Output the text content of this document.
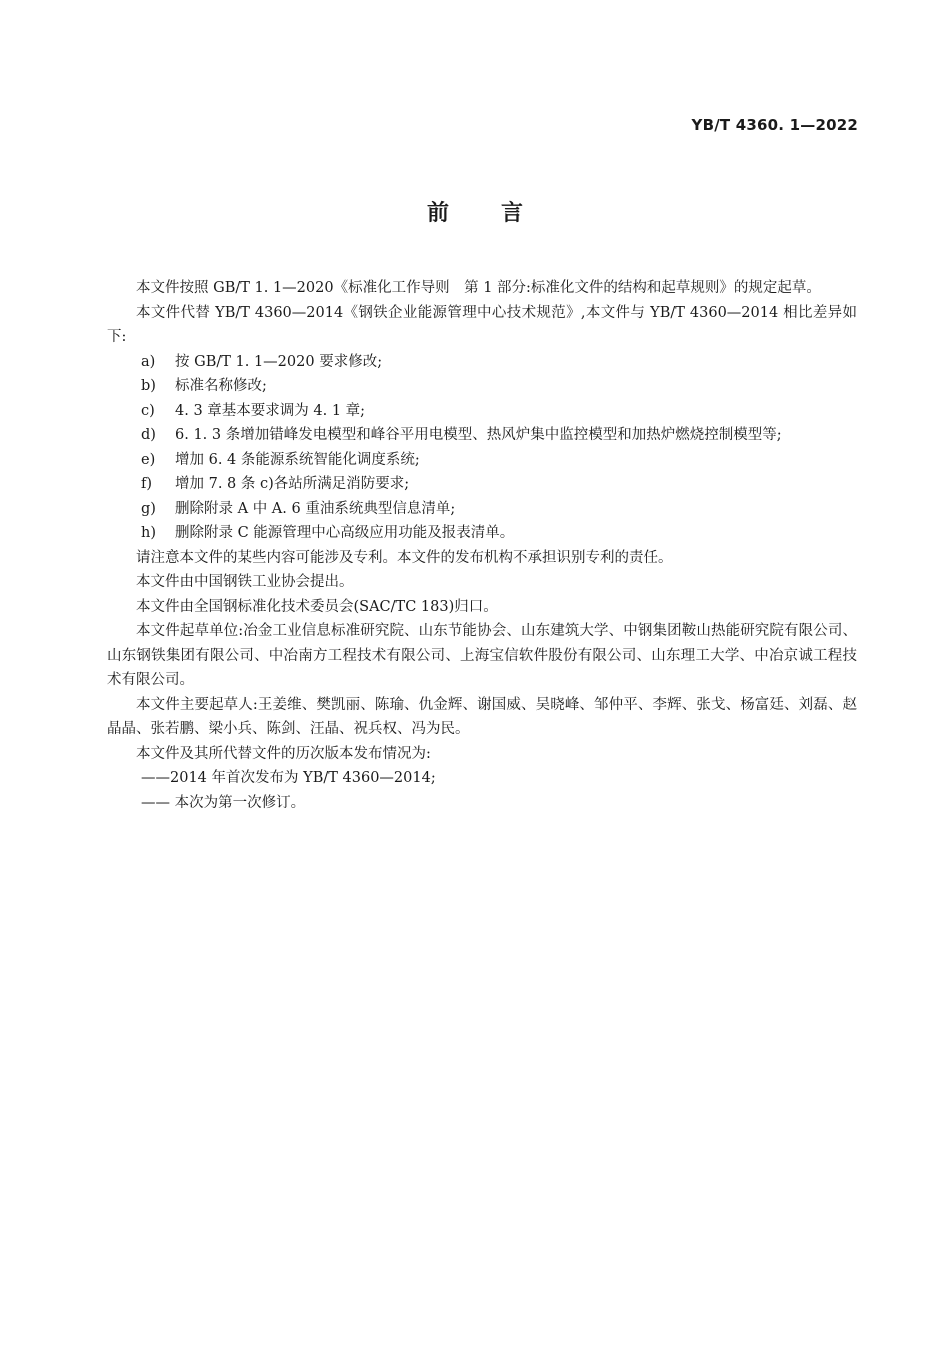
YB/T 4360. 1—2022
前言

本文件按照 GB/T 1. 1—2020《标准化工作导则　第 1 部分:标准化文件的结构和起草规则》的规定起草。

本文件代替 YB/T 4360—2014《钢铁企业能源管理中心技术规范》,本文件与 YB/T 4360—2014 相比差异如下:

a)	按 GB/T 1. 1—2020 要求修改;
b)	标准名称修改;
c)	4. 3 章基本要求调为 4. 1 章;
d)	6. 1. 3 条增加错峰发电模型和峰谷平用电模型、热风炉集中监控模型和加热炉燃烧控制模型等;
e)	增加 6. 4 条能源系统智能化调度系统;
f)	增加 7. 8 条 c)各站所满足消防要求;
g)	删除附录 A 中 A. 6 重油系统典型信息清单;
h)	删除附录 C 能源管理中心高级应用功能及报表清单。

请注意本文件的某些内容可能涉及专利。本文件的发布机构不承担识别专利的责任。

本文件由中国钢铁工业协会提出。

本文件由全国钢标准化技术委员会(SAC/TC 183)归口。

本文件起草单位:冶金工业信息标准研究院、山东节能协会、山东建筑大学、中钢集团鞍山热能研究院有限公司、山东钢铁集团有限公司、中冶南方工程技术有限公司、上海宝信软件股份有限公司、山东理工大学、中冶京诚工程技术有限公司。

本文件主要起草人:王姜维、樊凯丽、陈瑜、仇金辉、谢国威、吴晓峰、邹仲平、李辉、张戈、杨富廷、刘磊、赵晶晶、张若鹏、梁小兵、陈剑、汪晶、祝兵权、冯为民。

本文件及其所代替文件的历次版本发布情况为:

——2014 年首次发布为 YB/T 4360—2014;

—— 本次为第一次修订。
